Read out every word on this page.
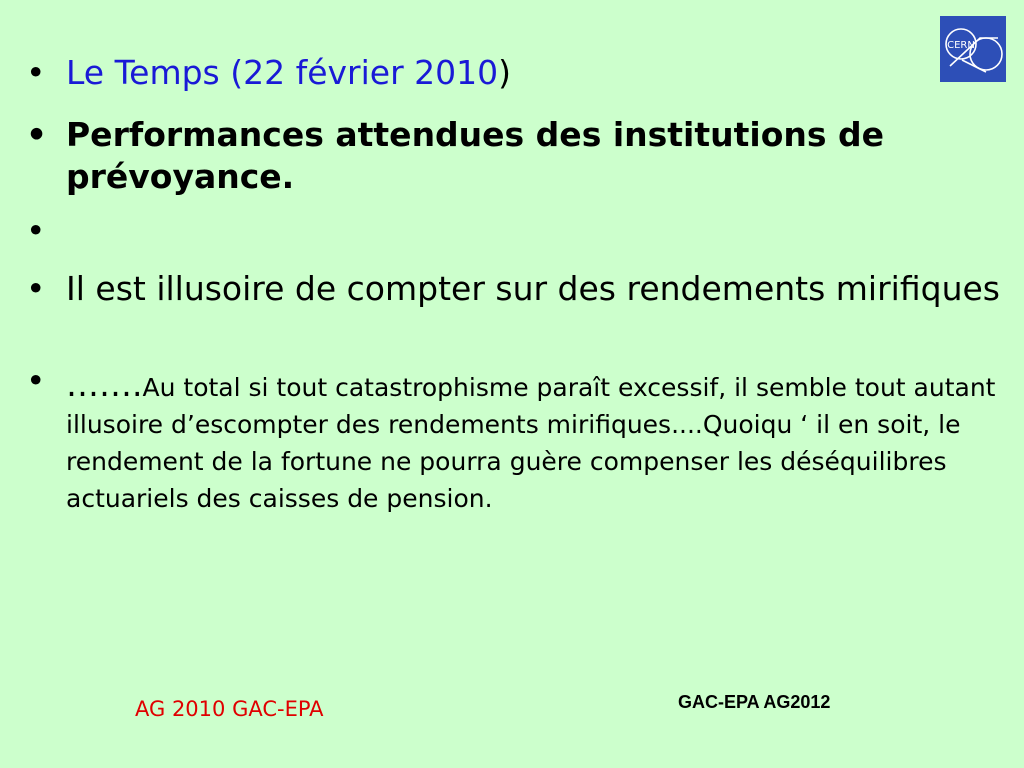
• Le Temps (22 février 2010)
• Performances attendues des institutions de prévoyance.
•

• Il est illusoire de compter sur des rendements mirifiques
• …….Au total si tout catastrophisme paraît excessif, il semble tout autant illusoire d’escompter des rendements mirifiques....Quoiqu ‘ il en soit, le rendement de la fortune ne pourra guère compenser les déséquilibres actuariels des caisses de pension.
CERN
AG 2010 GAC-EPA	GAC-EPA AG2012
